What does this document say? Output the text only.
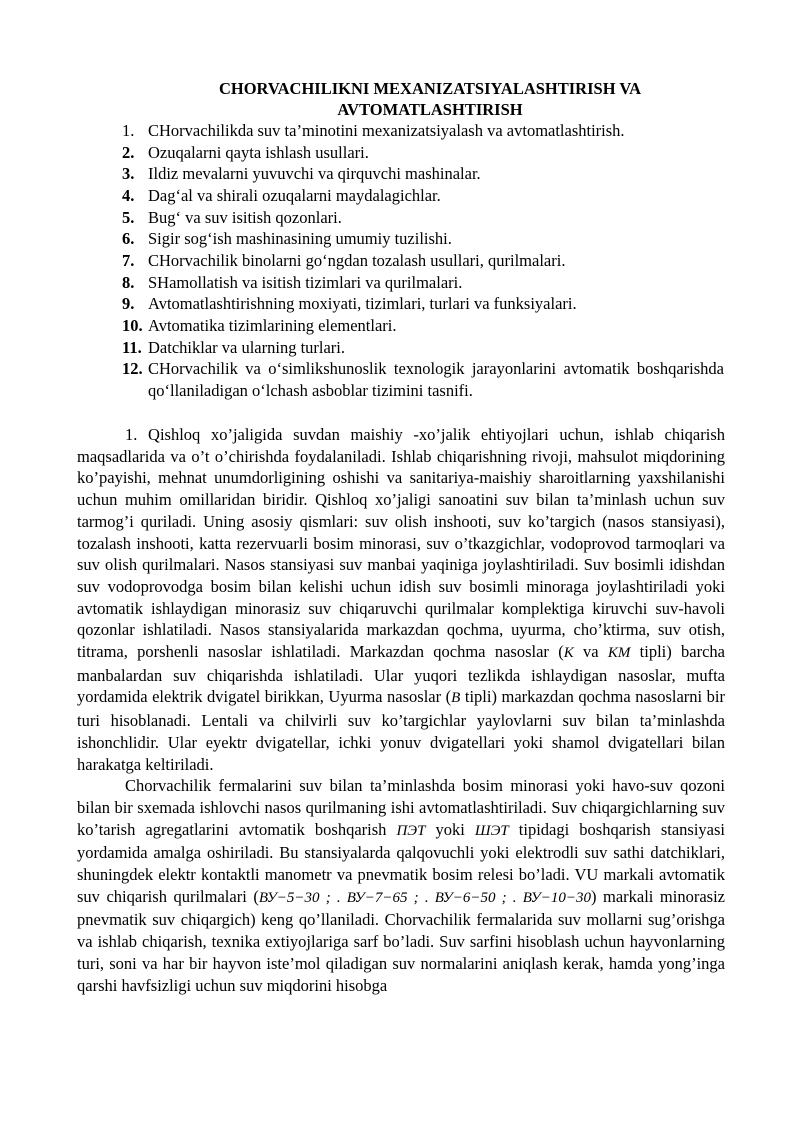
CHORVACHILIKNI MEXANIZATSIYALASHTIRISH VA
AVTOMATLASHTIRISH
1. CHorvachilikda suv ta’minotini mexanizatsiyalash va avtomatlashtirish.
2. Ozuqalarni qayta ishlash usullari.
3. Ildiz mevalarni yuvuvchi va qirquvchi mashinalar.
4. Dag‘al va shirali ozuqalarni maydalagichlar.
5. Bug‘ va suv isitish qozonlari.
6. Sigir sog‘ish mashinasining umumiy tuzilishi.
7. CHorvachilik binolarni go‘ngdan tozalash usullari, qurilmalari.
8. SHamollatish va isitish tizimlari va qurilmalari.
9. Avtomatlashtirishning moxiyati, tizimlari, turlari va funksiyalari.
10. Avtomatika tizimlarining elementlari.
11. Datchiklar va ularning turlari.
12. CHorvachilik va o‘simlikshunoslik texnologik jarayonlarini avtomatik boshqarishda qo‘llaniladigan o‘lchash asboblar tizimini tasnifi.

1. Qishloq xo’jaligida suvdan maishiy -xo’jalik ehtiyojlari uchun, ishlab chiqarish maqsadlarida va o’t o’chirishda foydalaniladi. Ishlab chiqarishning rivoji, mahsulot miqdorining ko’payishi, mehnat unumdorligining oshishi va sanitariya-maishiy sharoitlarning yaxshilanishi uchun muhim omillaridan biridir. Qishloq xo’jaligi sanoatini suv bilan ta’minlash uchun suv tarmog’i quriladi. Uning asosiy qismlari: suv olish inshooti, suv ko’targich (nasos stansiyasi), tozalash inshooti, katta rezervuarli bosim minorasi, suv o’tkazgichlar, vodoprovod tarmoqlari va suv olish qurilmalari. Nasos stansiyasi suv manbai yaqiniga joylashtiriladi. Suv bosimli idishdan suv vodoprovodga bosim bilan kelishi uchun idish suv bosimli minoraga joylashtiriladi yoki avtomatik ishlaydigan minorasiz suv chiqaruvchi qurilmalar komplektiga kiruvchi suv-havoli qozonlar ishlatiladi. Nasos stansiyalarida markazdan qochma, uyurma, cho’ktirma, suv otish, titrama, porshenli nasoslar ishlatiladi. Markazdan qochma nasoslar (К va КМ tipli) barcha manbalardan suv chiqarishda ishlatiladi. Ular yuqori tezlikda ishlaydigan nasoslar, mufta yordamida elektrik dvigatel birikkan, Uyurma nasoslar (В tipli) markazdan qochma nasoslarni bir turi hisoblanadi. Lentali va chilvirli suv ko’targichlar yaylovlarni suv bilan ta’minlashda ishonchlidir. Ular eyektr dvigatellar, ichki yonuv dvigatellari yoki shamol dvigatellari bilan harakatga keltiriladi.

Chorvachilik fermalarini suv bilan ta’minlashda bosim minorasi yoki havo-suv qozoni bilan bir sxemada ishlovchi nasos qurilmaning ishi avtomatlashtiriladi. Suv chiqargichlarning suv ko’tarish agregatlarini avtomatik boshqarish ПЭТ yoki ШЭТ tipidagi boshqarish stansiyasi yordamida amalga oshiriladi. Bu stansiyalarda qalqovuchli yoki elektrodli suv sathi datchiklari, shuningdek elektr kontaktli manometr va pnevmatik bosim relesi bo’ladi. VU markali avtomatik suv chiqarish qurilmalari (ВУ−5−30 ; . ВУ−7−65 ; . ВУ−6−50 ; . ВУ−10−30) markali minorasiz pnevmatik suv chiqargich) keng qo’llaniladi. Chorvachilik fermalarida suv mollarni sug’orishga va ishlab chiqarish, texnika extiyojlariga sarf bo’ladi. Suv sarfini hisoblash uchun hayvonlarning turi, soni va har bir hayvon iste’mol qiladigan suv normalarini aniqlash kerak, hamda yong’inga qarshi havfsizligi uchun suv miqdorini hisobga
